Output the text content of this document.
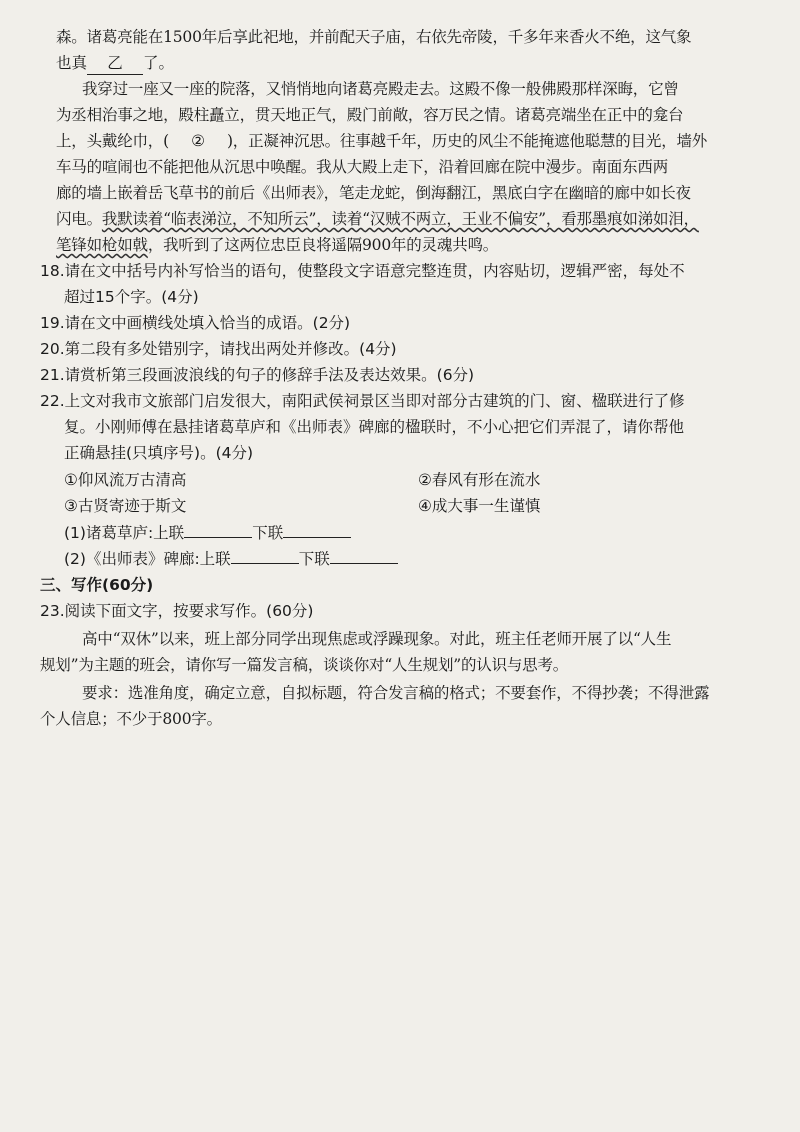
森。诸葛亮能在1500年后享此祀地，并前配天子庙，右依先帝陵，千多年来香火不绝，这气象
也真 乙 了。
我穿过一座又一座的院落，又悄悄地向诸葛亮殿走去。这殿不像一般佛殿那样深晦，它曾
为丞相治事之地，殿柱矗立，贯天地正气，殿门前敞，容万民之情。诸葛亮端坐在正中的龛台
上，头戴纶巾，( ② )，正凝神沉思。往事越千年，历史的风尘不能掩遮他聪慧的目光，墙外
车马的喧闹也不能把他从沉思中唤醒。我从大殿上走下，沿着回廊在院中漫步。南面东西两
廊的墙上嵌着岳飞草书的前后《出师表》，笔走龙蛇，倒海翻江，黑底白字在幽暗的廊中如长夜
闪电。我默读着“临表涕泣，不知所云”，读着“汉贼不两立，王业不偏安”，看那墨痕如涕如泪，
笔锋如枪如戟，我听到了这两位忠臣良将遥隔900年的灵魂共鸣。
18.请在文中括号内补写恰当的语句，使整段文字语意完整连贯，内容贴切，逻辑严密，每处不
超过15个字。(4分)
19.请在文中画横线处填入恰当的成语。(2分)
20.第二段有多处错别字，请找出两处并修改。(4分)
21.请赏析第三段画波浪线的句子的修辞手法及表达效果。(6分)
22.上文对我市文旅部门启发很大，南阳武侯祠景区当即对部分古建筑的门、窗、楹联进行了修
复。小刚师傅在悬挂诸葛草庐和《出师表》碑廊的楹联时，不小心把它们弄混了，请你帮他
正确悬挂(只填序号)。(4分)
①仰风流万古清高	②春风有形在流水
③古贤寄迹于斯文	④成大事一生谨慎
(1)诸葛草庐:上联	下联
(2)《出师表》碑廊:上联	下联
三、写作(60分)
23.阅读下面文字，按要求写作。(60分)
高中“双休”以来，班上部分同学出现焦虑或浮躁现象。对此，班主任老师开展了以“人生
规划”为主题的班会，请你写一篇发言稿，谈谈你对“人生规划”的认识与思考。
要求：选准角度，确定立意，自拟标题，符合发言稿的格式；不要套作，不得抄袭；不得泄露
个人信息；不少于800字。
